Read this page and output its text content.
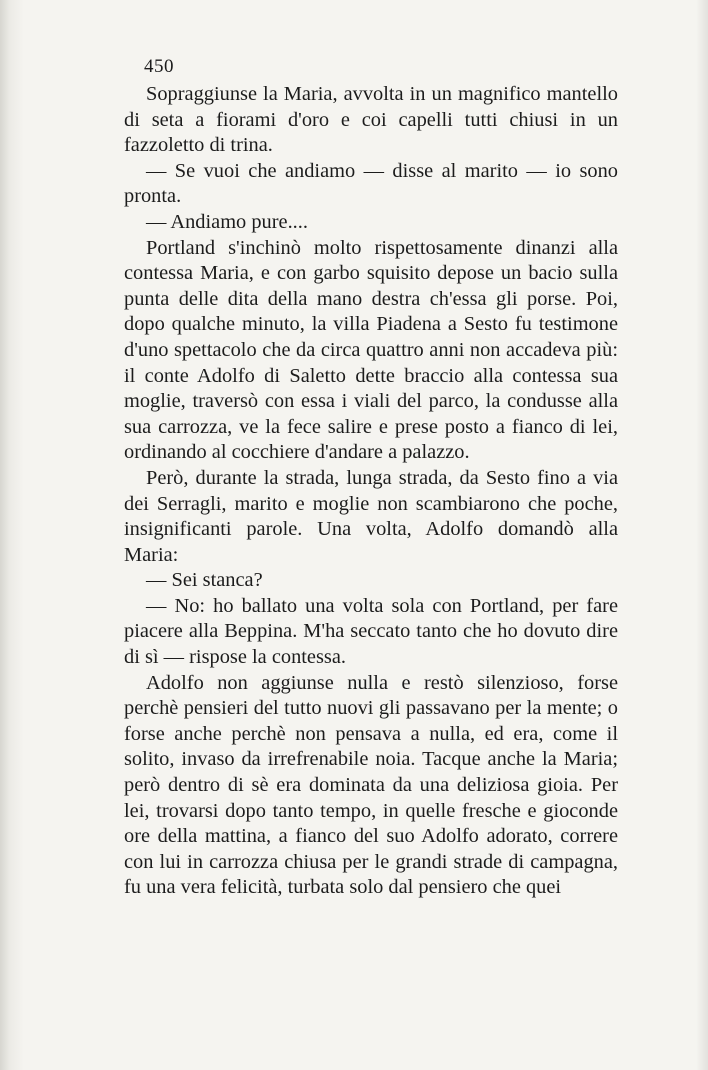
450

Sopraggiunse la Maria, avvolta in un magnifico mantello di seta a fiorami d'oro e coi capelli tutti chiusi in un fazzoletto di trina.

— Se vuoi che andiamo — disse al marito — io sono pronta.

— Andiamo pure....

Portland s'inchinò molto rispettosamente dinanzi alla contessa Maria, e con garbo squisito depose un bacio sulla punta delle dita della mano destra ch'essa gli porse. Poi, dopo qualche minuto, la villa Piadena a Sesto fu testimone d'uno spettacolo che da circa quattro anni non accadeva più: il conte Adolfo di Saletto dette braccio alla contessa sua moglie, traversò con essa i viali del parco, la condusse alla sua carrozza, ve la fece salire e prese posto a fianco di lei, ordinando al cocchiere d'andare a palazzo.

Però, durante la strada, lunga strada, da Sesto fino a via dei Serragli, marito e moglie non scambiarono che poche, insignificanti parole. Una volta, Adolfo domandò alla Maria:

— Sei stanca?

— No: ho ballato una volta sola con Portland, per fare piacere alla Beppina. M'ha seccato tanto che ho dovuto dire di sì — rispose la contessa.

Adolfo non aggiunse nulla e restò silenzioso, forse perchè pensieri del tutto nuovi gli passavano per la mente; o forse anche perchè non pensava a nulla, ed era, come il solito, invaso da irrefrenabile noia. Tacque anche la Maria; però dentro di sè era dominata da una deliziosa gioia. Per lei, trovarsi dopo tanto tempo, in quelle fresche e gioconde ore della mattina, a fianco del suo Adolfo adorato, correre con lui in carrozza chiusa per le grandi strade di campagna, fu una vera felicità, turbata solo dal pensiero che quei
